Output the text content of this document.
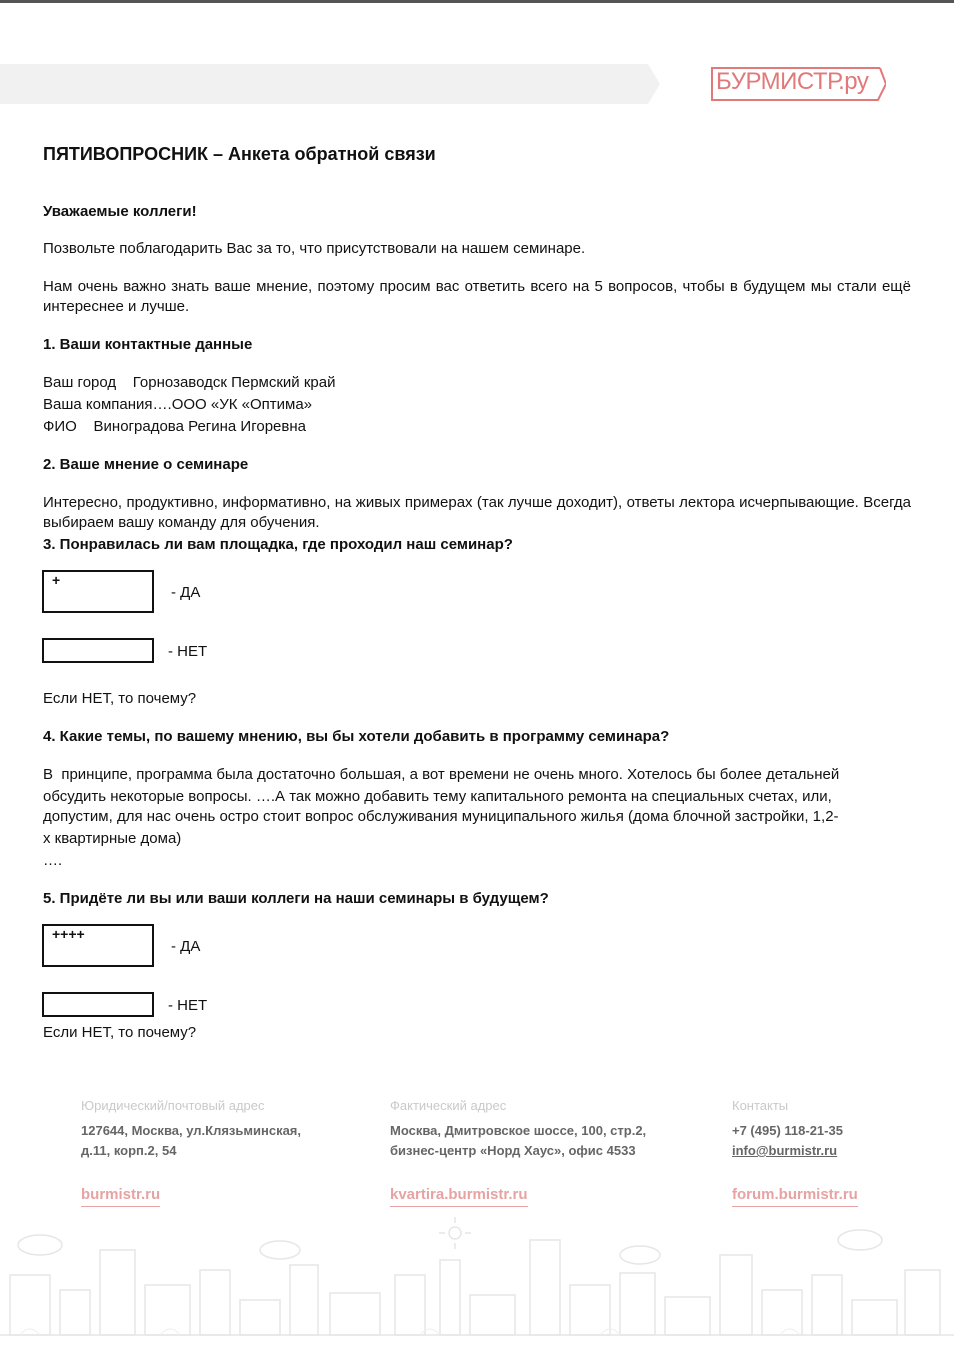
БУРМИСТР.ру
ПЯТИВОПРОСНИК – Анкета обратной связи
Уважаемые коллеги!
Позвольте поблагодарить Вас за то, что присутствовали на нашем семинаре.
Нам очень важно знать ваше мнение, поэтому просим вас ответить всего на 5 вопросов, чтобы в будущем мы стали ещё интереснее и лучше.
1. Ваши контактные данные
Ваш город    Горнозаводск Пермский край
Ваша компания….ООО «УК «Оптима»
ФИО    Виноградова Регина Игоревна
2. Ваше мнение о семинаре
Интересно, продуктивно, информативно, на живых примерах (так лучше доходит), ответы лектора исчерпывающие. Всегда выбираем вашу команду для обучения.
3. Понравилась ли вам площадка, где проходил наш семинар?
+
- ДА
- НЕТ
Если НЕТ, то почему?
4. Какие темы, по вашему мнению, вы бы хотели добавить в программу семинара?
В  принципе, программа была достаточно большая, а вот времени не очень много. Хотелось бы более детальней
обсудить некоторые вопросы. ….А так можно добавить тему капитального ремонта на специальных счетах, или,
допустим, для нас очень остро стоит вопрос обслуживания муниципального жилья (дома блочной застройки, 1,2-
х квартирные дома)
….
5. Придёте ли вы или ваши коллеги на наши семинары в будущем?
++++
- ДА
- НЕТ
Если НЕТ, то почему?
Юридический/почтовый адрес
127644, Москва, ул.Клязьминская,
д.11, корп.2, 54
Фактический адрес
Москва, Дмитровское шоссе, 100, стр.2,
бизнес-центр «Норд Хаус», офис 4533
Контакты
+7 (495) 118-21-35
info@burmistr.ru
burmistr.ru	kvartira.burmistr.ru	forum.burmistr.ru
